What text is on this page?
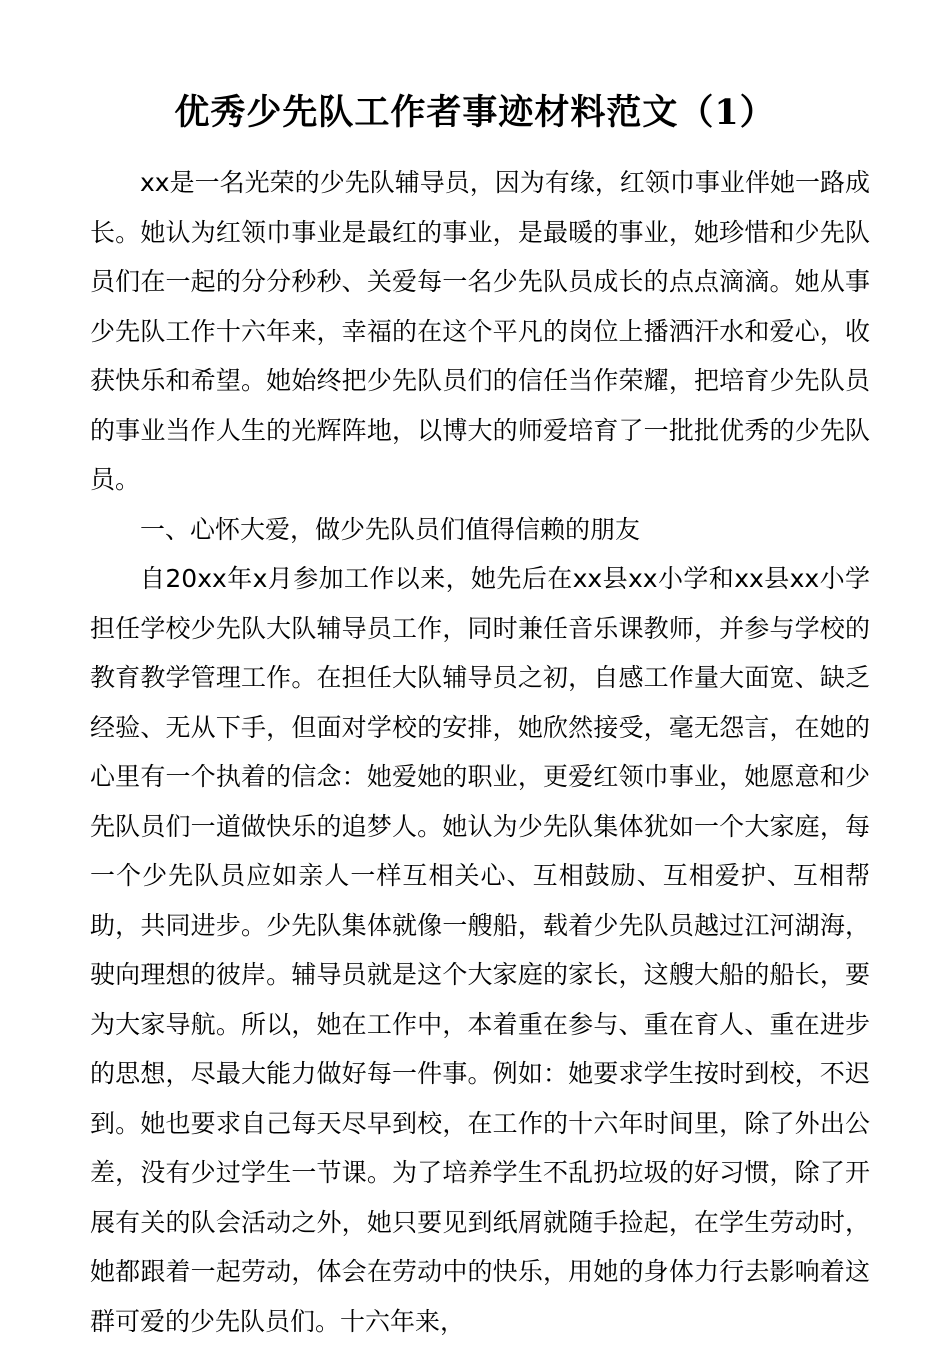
优秀少先队工作者事迹材料范文（1）

xx是一名光荣的少先队辅导员，因为有缘，红领巾事业伴她一路成长。她认为红领巾事业是最红的事业，是最暖的事业，她珍惜和少先队员们在一起的分分秒秒、关爱每一名少先队员成长的点点滴滴。她从事少先队工作十六年来，幸福的在这个平凡的岗位上播洒汗水和爱心，收获快乐和希望。她始终把少先队员们的信任当作荣耀，把培育少先队员的事业当作人生的光辉阵地，以博大的师爱培育了一批批优秀的少先队员。

一、心怀大爱，做少先队员们值得信赖的朋友

自20xx年x月参加工作以来，她先后在xx县xx小学和xx县xx小学担任学校少先队大队辅导员工作，同时兼任音乐课教师，并参与学校的教育教学管理工作。在担任大队辅导员之初，自感工作量大面宽、缺乏经验、无从下手，但面对学校的安排，她欣然接受，毫无怨言，在她的心里有一个执着的信念：她爱她的职业，更爱红领巾事业，她愿意和少先队员们一道做快乐的追梦人。她认为少先队集体犹如一个大家庭，每一个少先队员应如亲人一样互相关心、互相鼓励、互相爱护、互相帮助，共同进步。少先队集体就像一艘船，载着少先队员越过江河湖海，驶向理想的彼岸。辅导员就是这个大家庭的家长，这艘大船的船长，要为大家导航。所以，她在工作中，本着重在参与、重在育人、重在进步的思想，尽最大能力做好每一件事。例如：她要求学生按时到校，不迟到。她也要求自己每天尽早到校，在工作的十六年时间里，除了外出公差，没有少过学生一节课。为了培养学生不乱扔垃圾的好习惯，除了开展有关的队会活动之外，她只要见到纸屑就随手捡起，在学生劳动时，她都跟着一起劳动，体会在劳动中的快乐，用她的身体力行去影响着这群可爱的少先队员们。十六年来，
